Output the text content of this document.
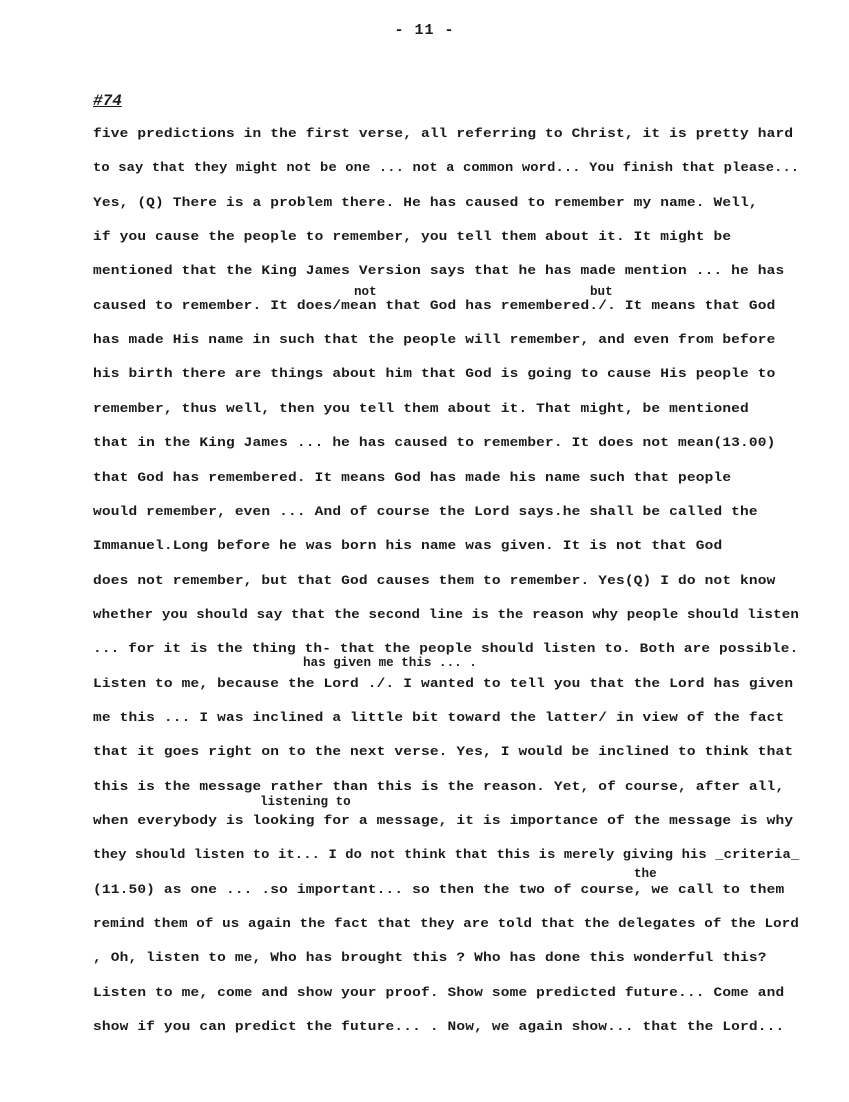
- 11 -
#74
five predictions in the first verse, all referring to Christ, it is pretty hard
to say that they might not be one ... not a common word... You finish that please...
Yes, (Q) There is a problem there. He has caused to remember my name. Well,
if you cause the people to remember, you tell them about it. It might be
mentioned that the King James Version says that he has made mention ... he has
caused to remember. It does/mean that God has remembered./. It means that God
has made His name in such that the people will remember, and even from before
his birth there are things about him that God is going to cause His people to
remember, thus well, then you tell them about it. That might, be mentioned
that in the King James ... he has caused to remember. It does not mean(13.00)
that God has remembered. It means God has made his name such that people
would remember, even ... And of course the Lord says.he shall be called the
Immanuel.Long before he was born his name was given. It is not that God
does not remember, but that God causes them to remember. Yes(Q) I do not know
whether you should say that the second line is the reason why people should listen
... for it is the thing th- that the people should listen to. Both are possible.
Listen to me, because the Lord ./. I wanted to tell you that the Lord has given
me this ... I was inclined a little bit toward the latter/ in view of the fact
that it goes right on to the next verse. Yes, I would be inclined to think that
this is the message rather than this is the reason. Yet, of course, after all,
when everybody is looking for a message, it is importance of the message is why
they should listen to it... I do not think that this is merely giving his _criteria_
(11.50) as one ... .so important... so then the two of course, we call to them
remind them of us again the fact that they are told that the delegates of the Lord
, Oh, listen to me, Who has brought this ? Who has done this wonderful this?
Listen to me, come and show your proof. Show some predicted future... Come and
show if you can predict the future... . Now, we again show... that the Lord...
not	but
has given me this ... .
listening to
the
